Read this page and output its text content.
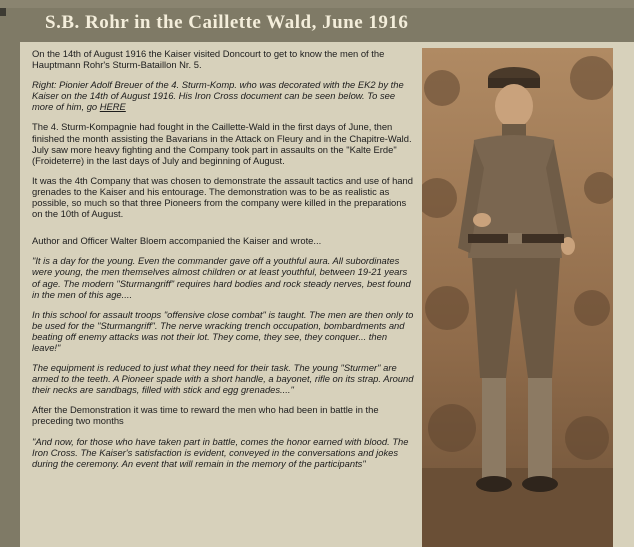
S.B. Rohr in the Caillette Wald, June 1916

On the 14th of August 1916 the Kaiser visited Doncourt to get to know the men of the Hauptmann Rohr's Sturm-Bataillon Nr. 5.

Right: Pionier Adolf Breuer of the 4. Sturm-Komp. who was decorated with the EK2 by the Kaiser on the 14th of August 1916. His Iron Cross document can be seen below. To see more of him, go HERE

The 4. Sturm-Kompagnie had fought in the Caillette-Wald in the first days of June, then finished the month assisting the Bavarians in the Attack on Fleury and in the Chapitre-Wald. July saw more heavy fighting and the Company took part in assaults on the "Kalte Erde" (Froideterre) in the last days of July and beginning of August.

It was the 4th Company that was chosen to demonstrate the assault tactics and use of hand grenades to the Kaiser and his entourage. The demonstration was to be as realistic as possible, so much so that three Pioneers from the company were killed in the preparations on the 10th of August.

Author and Officer Walter Bloem accompanied the Kaiser and wrote...

"It is a day for the young. Even the commander gave off a youthful aura. All subordinates were young, the men themselves almost children or at least youthful, between 19-21 years of age. The modern "Sturmangriff" requires hard bodies and rock steady nerves, best found in the men of this age....

In this school for assault troops "offensive close combat" is taught. The men are then only to be used for the "Sturmangriff". The nerve wracking trench occupation, bombardments and beating off enemy attacks was not their lot. They come, they see, they conquer... then leave!"

The equipment is reduced to just what they need for their task. The young "Sturmer" are armed to the teeth. A Pioneer spade with a short handle, a bayonet, rifle on its strap. Around their necks are sandbags, filled with stick and egg grenades...."

After the Demonstration it was time to reward the men who had been in battle in the preceding two months

"And now, for those who have taken part in battle, comes the honor earned with blood. The Iron Cross. The Kaiser's satisfaction is evident, conveyed in the conversations and jokes during the ceremony. An event that will remain in the memory of the participants"
